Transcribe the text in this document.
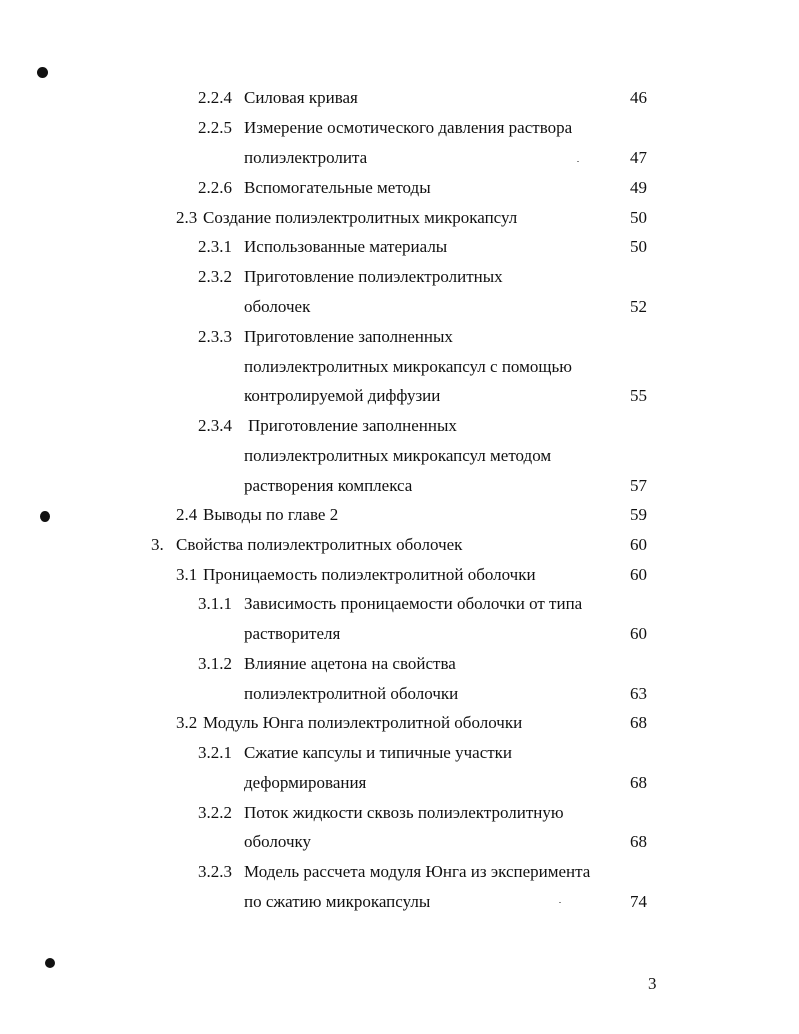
2.2.4 Силовая кривая	46
2.2.5 Измерение осмотического давления раствора
полиэлектролита	47
2.2.6 Вспомогательные методы	49
2.3 Создание полиэлектролитных микрокапсул	50
2.3.1 Использованные материалы	50
2.3.2 Приготовление полиэлектролитных
оболочек	52
2.3.3 Приготовление заполненных
полиэлектролитных микрокапсул с помощью
контролируемой диффузии	55
2.3.4 Приготовление заполненных
полиэлектролитных микрокапсул методом
растворения комплекса	57
2.4 Выводы по главе 2	59
3. Свойства полиэлектролитных оболочек	60
3.1 Проницаемость полиэлектролитной оболочки	60
3.1.1 Зависимость проницаемости оболочки от типа
растворителя	60
3.1.2 Влияние ацетона на свойства
полиэлектролитной оболочки	63
3.2 Модуль Юнга полиэлектролитной оболочки	68
3.2.1 Сжатие капсулы и типичные участки
деформирования	68
3.2.2 Поток жидкости сквозь полиэлектролитную
оболочку	68
3.2.3 Модель рассчета модуля Юнга из эксперимента
по сжатию микрокапсулы	74
3
